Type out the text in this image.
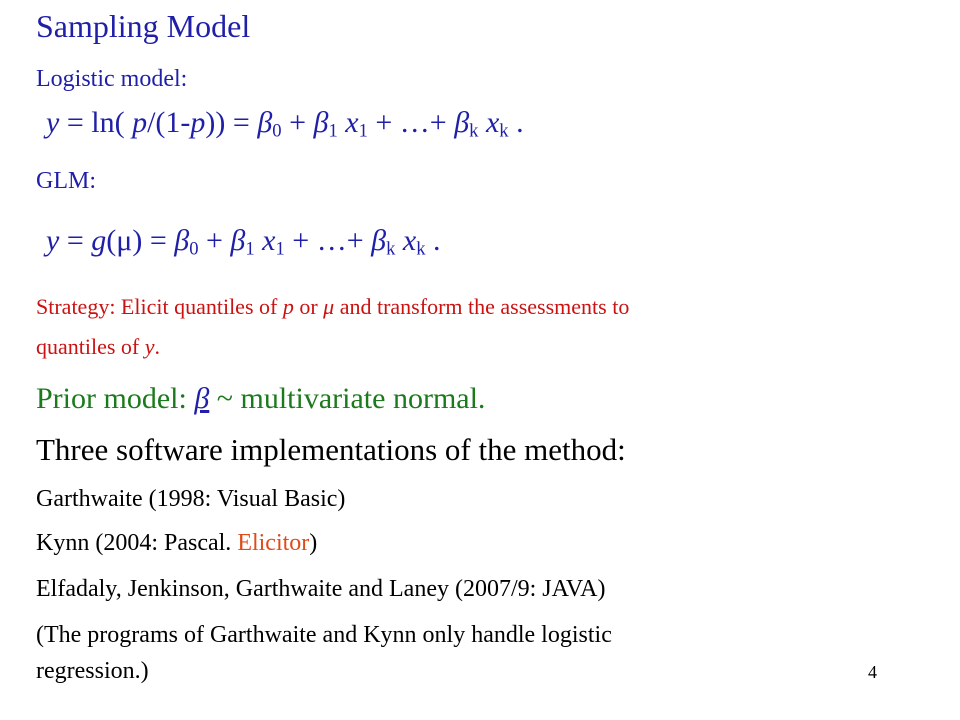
Sampling Model
Logistic model:
y = ln( $p/(1-p)) = \beta_0 + \beta_1$ $x_1$ + …+ $\beta_k$ $x_k$ .
GLM:
$y = g(\mu) = \beta_0 + \beta_1$ $x_1$ + …+ $\beta_k$ $x_k$ .
Strategy: Elicit quantiles of p or μ and transform the assessments to
quantiles of y.
Prior model: β ~ multivariate normal.
Three software implementations of the method:
Garthwaite (1998: Visual Basic)
Kynn (2004: Pascal. Elicitor)
Elfadaly, Jenkinson, Garthwaite and Laney (2007/9: JAVA)
(The programs of Garthwaite and Kynn only handle logistic
regression.)	4
